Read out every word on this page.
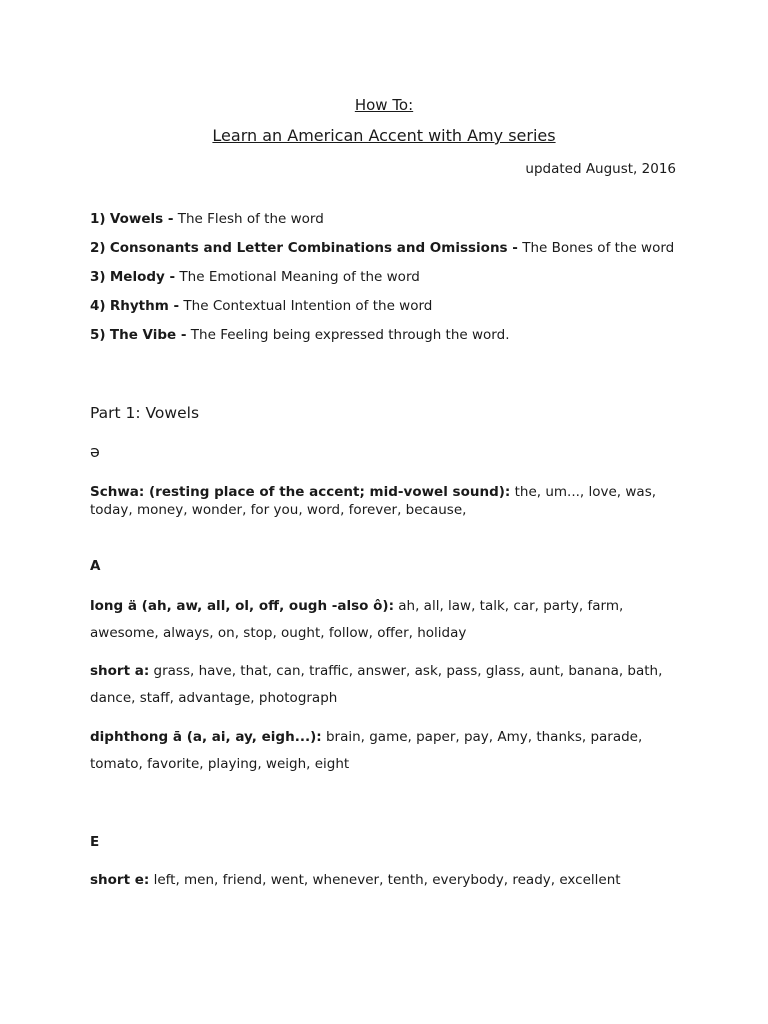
How To:
Learn an American Accent with Amy series
updated August, 2016
1) Vowels - The Flesh of the word
2) Consonants and Letter Combinations and Omissions - The Bones of the word
3) Melody - The Emotional Meaning of the word
4) Rhythm - The Contextual Intention of the word
5) The Vibe - The Feeling being expressed through the word.
Part 1: Vowels
ə
Schwa: (resting place of the accent; mid-vowel sound): the, um..., love, was, today, money, wonder, for you, word, forever, because,
A
long ä (ah, aw, all, ol, off, ough -also ô): ah, all, law, talk, car, party, farm, awesome, always, on, stop, ought, follow, offer, holiday
short a: grass, have, that, can, traffic, answer, ask, pass, glass, aunt, banana, bath, dance, staff, advantage, photograph
diphthong ā (a, ai, ay, eigh...): brain, game, paper, pay, Amy, thanks, parade, tomato, favorite, playing, weigh, eight
E
short e: left, men, friend, went, whenever, tenth, everybody, ready, excellent
